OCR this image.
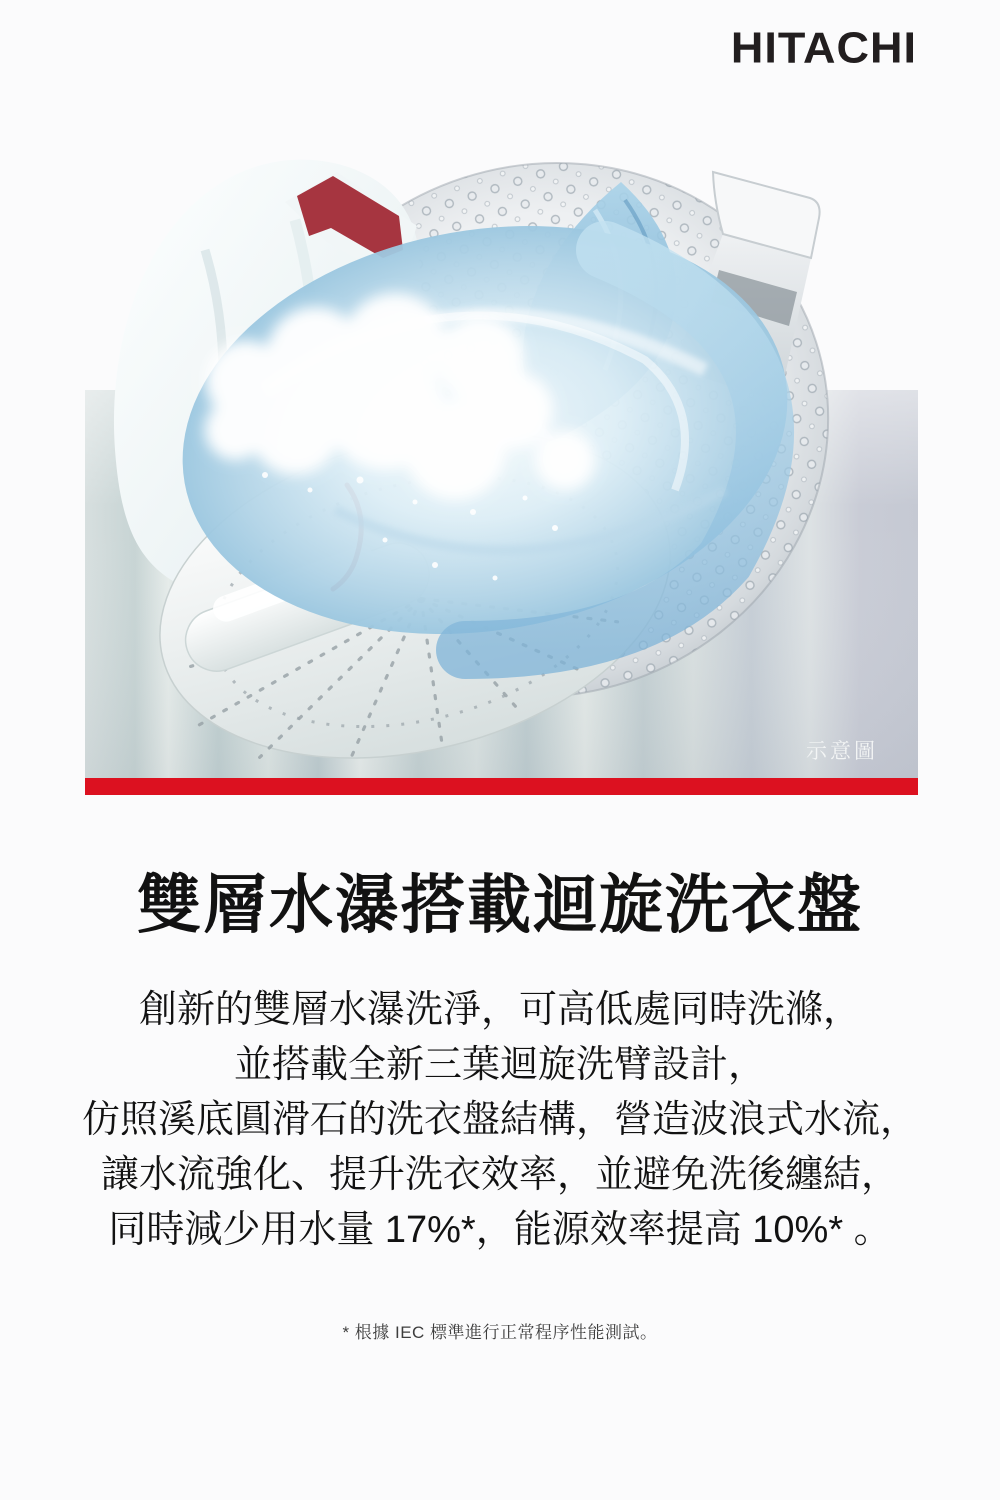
HITACHI
示意圖
雙層水瀑搭載迴旋洗衣盤

創新的雙層水瀑洗淨，可高低處同時洗滌，

並搭載全新三葉迴旋洗臂設計，

仿照溪底圓滑石的洗衣盤結構，營造波浪式水流，

讓水流強化、提升洗衣效率，並避免洗後纏結，

同時減少用水量 17%*，能源效率提高 10%* 。

* 根據 IEC 標準進行正常程序性能測試。
